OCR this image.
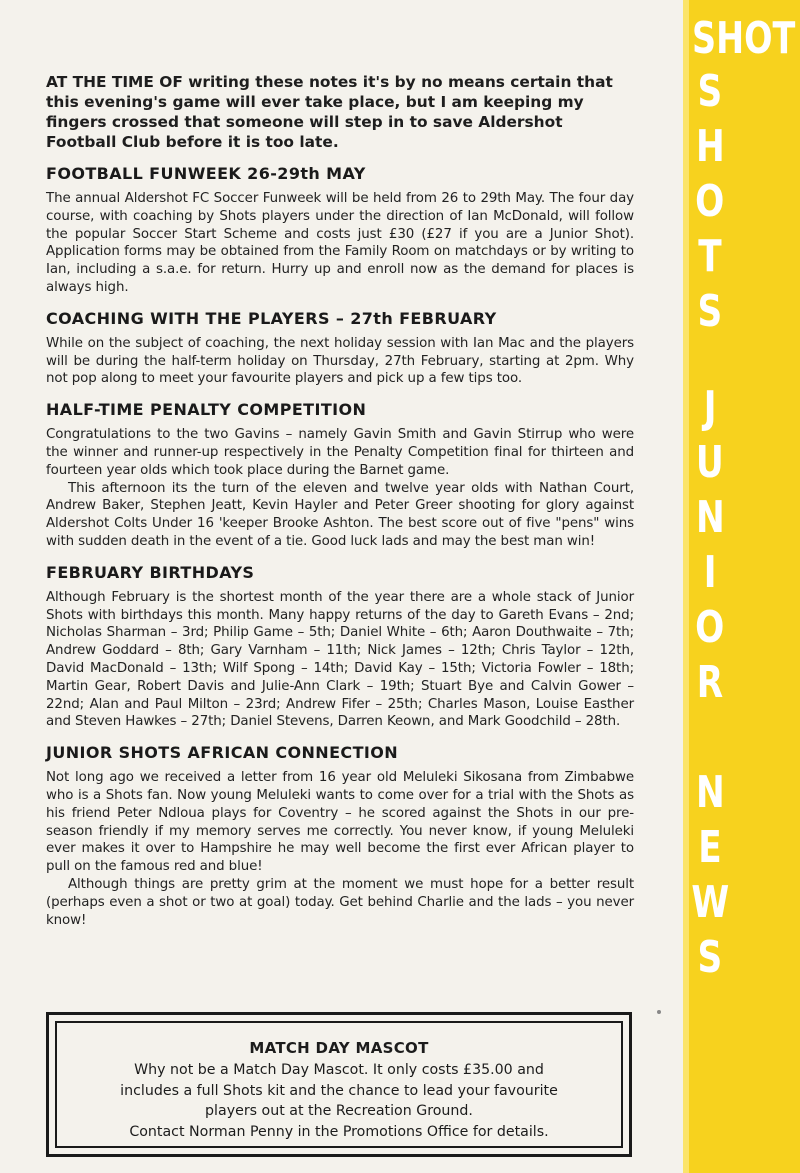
SHOT
S
H
O
T
S
J
U
N
I
O
R
N
E
W
S

AT THE TIME OF writing these notes it's by no means certain that this evening's game will ever take place, but I am keeping my fingers crossed that someone will step in to save Aldershot Football Club before it is too late.

FOOTBALL FUNWEEK 26-29th MAY

The annual Aldershot FC Soccer Funweek will be held from 26 to 29th May. The four day course, with coaching by Shots players under the direction of Ian McDonald, will follow the popular Soccer Start Scheme and costs just £30 (£27 if you are a Junior Shot). Application forms may be obtained from the Family Room on matchdays or by writing to Ian, including a s.a.e. for return. Hurry up and enroll now as the demand for places is always high.

COACHING WITH THE PLAYERS – 27th FEBRUARY

While on the subject of coaching, the next holiday session with Ian Mac and the players will be during the half-term holiday on Thursday, 27th February, starting at 2pm. Why not pop along to meet your favourite players and pick up a few tips too.

HALF-TIME PENALTY COMPETITION

Congratulations to the two Gavins – namely Gavin Smith and Gavin Stirrup who were the winner and runner-up respectively in the Penalty Competition final for thirteen and fourteen year olds which took place during the Barnet game.

This afternoon its the turn of the eleven and twelve year olds with Nathan Court, Andrew Baker, Stephen Jeatt, Kevin Hayler and Peter Greer shooting for glory against Aldershot Colts Under 16 'keeper Brooke Ashton. The best score out of five "pens" wins with sudden death in the event of a tie. Good luck lads and may the best man win!

FEBRUARY BIRTHDAYS

Although February is the shortest month of the year there are a whole stack of Junior Shots with birthdays this month. Many happy returns of the day to Gareth Evans – 2nd; Nicholas Sharman – 3rd; Philip Game – 5th; Daniel White – 6th; Aaron Douthwaite – 7th; Andrew Goddard – 8th; Gary Varnham – 11th; Nick James – 12th; Chris Taylor – 12th, David MacDonald – 13th; Wilf Spong – 14th; David Kay – 15th; Victoria Fowler – 18th; Martin Gear, Robert Davis and Julie-Ann Clark – 19th; Stuart Bye and Calvin Gower – 22nd; Alan and Paul Milton – 23rd; Andrew Fifer – 25th; Charles Mason, Louise Easther and Steven Hawkes – 27th; Daniel Stevens, Darren Keown, and Mark Goodchild – 28th.

JUNIOR SHOTS AFRICAN CONNECTION

Not long ago we received a letter from 16 year old Meluleki Sikosana from Zimbabwe who is a Shots fan. Now young Meluleki wants to come over for a trial with the Shots as his friend Peter Ndloua plays for Coventry – he scored against the Shots in our pre-season friendly if my memory serves me correctly. You never know, if young Meluleki ever makes it over to Hampshire he may well become the first ever African player to pull on the famous red and blue!

Although things are pretty grim at the moment we must hope for a better result (perhaps even a shot or two at goal) today. Get behind Charlie and the lads – you never know!

MATCH DAY MASCOT

Why not be a Match Day Mascot. It only costs £35.00 and

includes a full Shots kit and the chance to lead your favourite

players out at the Recreation Ground.

Contact Norman Penny in the Promotions Office for details.
